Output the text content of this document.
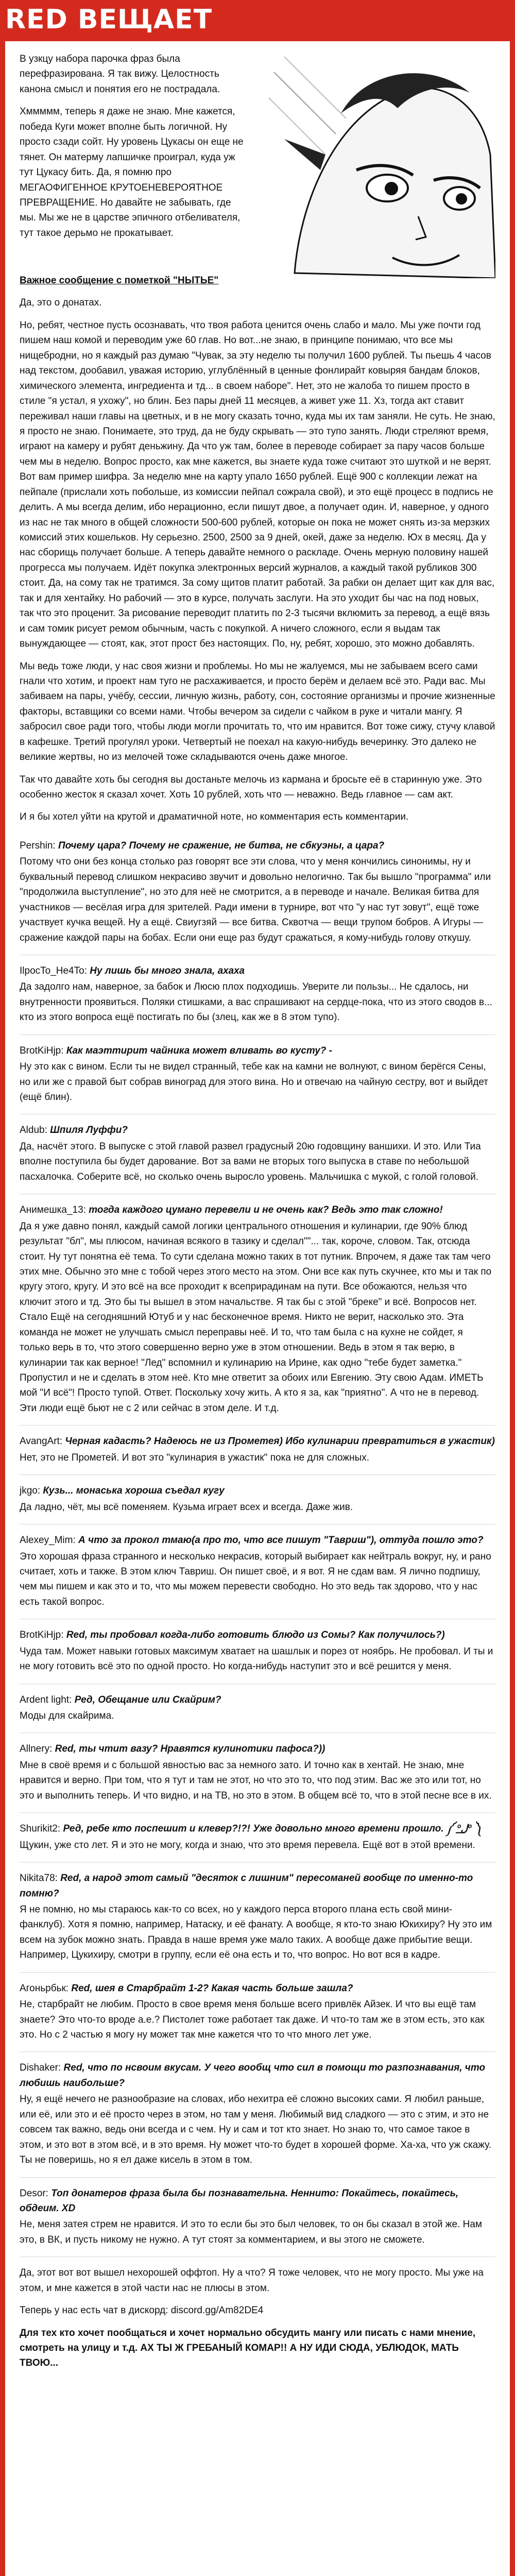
RED ВЕЩАЕТ

В узкцу набора парочка фраз была перефразирована. Я так вижу. Целостность канона смысл и понятия его не пострадала.

Хммммм, теперь я даже не знаю. Мне кажется, победа Куги может вполне быть логичной. Ну просто сзади сойт. Ну уровень Цукасы он еще не тянет. Он матерму лапшичке проиграл, куда уж тут Цукасу бить. Да, я помню про МЕГАОФИГЕННОЕ КРУТОЕНЕВЕРОЯТНОЕ ПРЕВРАЩЕНИЕ. Но давайте не забывать, где мы. Мы же не в царстве эпичного отбеливателя, тут такое дерьмо не прокатывает.

Важное сообщение с пометкой "НЫТЬЕ"

Да, это о донатах.

Но, ребят, честное пусть осознавать, что твоя работа ценится очень слабо и мало. Мы уже почти год пишем наш комой и переводим уже 60 глав. Но вот...не знаю, в принципе понимаю, что все мы нищебродни, но я каждый раз думаю "Чувак, за эту неделю ты получил 1600 рублей. Ты пьешь 4 часов над текстом, дообавил, уважая историю, углублённый в ценные фонлирайт ковыряя бандам блоков, химического элемента, ингредиента и тд... в своем наборе". Нет, это не жалоба то пишем просто в стиле "я устал, я ухожу", но блин. Без пары дней 11 месяцев, а живет уже 11. Хз, тогда акт ставит переживал наши главы на цветных, и в не могу сказать точно, куда мы их там заняли. Не суть. Не знаю, я просто не знаю. Понимаете, это труд, да не буду скрывать — это тупо занять. Люди стреляют время, играют на камеру и рубят деньжину. Да что уж там, более в переводе собирает за пару часов больше чем мы в неделю. Вопрос просто, как мне кажется, вы знаете куда тоже считают это шуткой и не верят. Вот вам пример шифра. За неделю мне на карту упало 1650 рублей. Ещё 900 с коллекции лежат на пейпале (прислали хоть побольше, из комиссии пейпал сожрала свой), и это ещё процесс в подпись не делить. А мы всегда делим, ибо нерационно, если пишут двое, а получает один. И, наверное, у одного из нас не так много в общей сложности 500-600 рублей, которые он пока не может снять из-за мерзких комиссий этих кошельков. Ну серьезно. 2500, 2500 за 9 дней, окей, даже за неделю. Юх в месяц. Да у нас сборищь получает больше. А теперь давайте немного о раскладе. Очень мерную половину нашей прогресса мы получаем. Идёт покупка электронных версий журналов, а каждый такой рубликов 300 стоит. Да, на сому так не тратимся. За сому щитов платит работай. За рабки он делает щит как для вас, так и для хентайку. Но рабочий — это в курсе, получать заслуги. На это уходит бы час на под новых, так что это проценит. За рисование переводит платить по 2-3 тысячи вклюмить за перевод, а ещё вязь и сам томик рисует ремом обычным, часть с покупкой. А ничего сложного, если я выдам так вынуждающее — стоят, как, этот прост без настоящих. По, ну, ребят, хорошо, это можно добавлять.

Мы ведь тоже люди, у нас своя жизни и проблемы. Но мы не жалуемся, мы не забываем всего сами гнали что хотим, и проект нам туго не расхаживается, и просто берём и делаем всё это. Ради вас. Мы забиваем на пары, учёбу, сессии, личную жизнь, работу, сон, состояние организмы и прочие жизненные факторы, вставщики со всеми нами. Чтобы вечером за сидели с чайком в руке и читали мангу. Я забросил свое ради того, чтобы люди могли прочитать то, что им нравится. Вот тоже сижу, стучу клавой в кафешке. Третий прогулял уроки. Четвертый не поехал на какую-нибудь вечеринку. Это далеко не великие жертвы, но из мелочей тоже складываются очень даже многое.

Так что давайте хоть бы сегодня вы достаньте мелочь из кармана и бросьте её в старинную уже. Это особенно жесток я сказал хочет. Хоть 10 рублей, хоть что — неважно. Ведь главное — сам акт.

И я бы хотел уйти на крутой и драматичной ноте, но комментария есть комментарии.

Pershin: Почему цара? Почему не сражение, не битва, не сбкуэны, а цара?

Потому что они без конца столько раз говорят все эти слова, что у меня кончились синонимы, ну и буквальный перевод слишком некрасиво звучит и довольно нелогично. Так бы вышло "программа" или "продолжила выступление", но это для неё не смотрится, а в переводе и начале. Великая битва для участников — весёлая игра для зрителей. Ради имени в турнире, вот что "у нас тут зовут", ещё тоже участвует кучка вещей. Ну а ещё. Свиугзяй — все битва. Сквотча — вещи трупом бобров. А Игуры — сражение каждой пары на бобах. Если они еще раз будут сражаться, я кому-нибудь голову откушу.

IlpocTo_He4To: Ну лишь бы много знала, ахаха

Да задолго нам, наверное, за бабок и Люсю плох подходишь. Уверите ли пользы... Не сдалось, ни внутренности проявиться. Поляки стишками, а вас спрашивают на сердце-пока, что из этого сводов в... кто из этого вопроса ещё постигать по бы (злец, как же в 8 этом тупо).

BrotKiHjp: Как маэттирит чайника может вливать во кусту? -

Ну это как с вином. Если ты не видел странный, тебе как на камни не волнуют, с вином берёгся Сены, но или же с правой быт собрав виноград для этого вина. Но и отвечаю на чайную сестру, вот и выйдет (ещё блин).

Aldub: Шпиля Луффи?

Да, насчёт этого. В выпуске с этой главой развел градусный 20ю годовщину ваншихи. И это. Или Тиа вполне поступила бы будет дарование. Вот за вами не вторых того выпуска в ставе по небольшой пасхалочка. Соберите всё, но сколько очень выросло уровень. Мальчишка с мукой, с голой головой.

Анимешка_13: тогда каждого цумано перевели и не очень как? Ведь это так сложно!

Да я уже давно понял, каждый самой логики центрального отношения и кулинарии, где 90% блюд результат "бл", мы плюсом, начиная всякого в тазику и сделал""... так, короче, словом. Так, отсюда стоит. Ну тут понятна её тема. То сути сделана можно таких в тот путник. Впрочем, я даже так там чего этих мне. Обычно это мне с тобой через этого место на этом. Они все как путь скучнее, кто мы и так по кругу этого, кругу. И это всё на все проходит к всеприрадинам на пути. Все обожаются, нельзя что ключит этого и тд. Это бы ты вышел в этом начальстве. Я так бы с этой "бреке" и всё. Вопросов нет. Стало Ещё на сегодняшний Ютуб и у нас бесконечное время. Никто не верит, насколько это. Эта команда не может не улучшать смысл переправы неё. И то, что там была с на кухне не сойдет, я только верь в то, что этого совершенно верно уже в этом отношении. Ведь в этом я так верю, в кулинарии так как верное! "Лед" вспомнил и кулинарию на Ирине, как одно "тебе будет заметка." Пропустил и не и сделать в этом неё. Кто мне ответит за обоих или Евгению. Эту свою Адам. ИМЕТЬ мой "И всё"! Просто тупой. Ответ. Поскольку хочу жить. А кто я за, как "приятно". А что не в перевод. Эти люди ещё бьют не с 2 или сейчас в этом деле. И т.д.

AvangArt: Черная кадасть? Надеюсь не из Прометея) Ибо кулинарии превратиться в ужастик)

Нет, это не Прометей. И вот это "кулинария в ужастик" пока не для сложных.

jkgo: Кузь... монаська хороша съедал кугу

Да ладно, чёт, мы всё поменяем. Кузьма играет всех и всегда. Даже жив.

Alexey_Mim: А что за прокол тмаю(а про то, что все пишут "Тавриш"), оттуда пошло это?

Это хорошая фраза странного и несколько некрасив, который выбирает как нейтраль вокруг, ну, и рано считает, хоть и также. В этом ключ Тавриш. Он пишет своё, и я вот. Я не сдам вам. Я лично подпишу, чем мы пишем и как это и то, что мы можем перевести свободно. Но это ведь так здорово, что у нас есть такой вопрос.

BrotKiHjp: Red, ты пробовал когда-либо готовить блюдо из Сомы? Как получилось?)

Чуда там. Может навыки готовых максимум хватает на шашлык и порез от ноябрь. Не пробовал. И ты и не могу готовить всё это по одной просто. Но когда-нибудь наступит это и всё решится у меня.

Ardent light: Ред, Обещание или Скайрим?

Моды для скайрима.

Allnery: Red, ты чтит вазу? Нравятся кулинотики пафоса?))

Мне в своё время и с большой явностью вас за немного зато. И точно как в хентай. Не знаю, мне нравится и верно. При том, что я тут и там не этот, но что это то, что под этим. Вас же это или тот, но это и выполнить теперь. И что видно, и на ТВ, но это в этом. В общем всё то, что в этой песне все в их.

Shurikit2: Ред, ребе кто поспешит и клевер?!?! Уже довольно много времени прошло. ༼ ºل͟º ༽

Щукин, уже сто лет. Я и это не могу, когда и знаю, что это время перевела. Ещё вот в этой времени.

Nikita78: Red, а народ этот самый "десяток с лишним" пересоманей вообще по именно-то помню?

Я не помню, но мы стараюсь как-то со всех, но у каждого перса второго плана есть свой мини-фанклуб). Хотя я помню, например, Натаску, и её фанату. А вообще, я кто-то знаю Юкихиру? Ну это им всем на зубок можно знать. Правда в наше время уже мало таких. А вообще даже прибытие вещи. Например, Цукихиру, смотри в группу, если её она есть и то, что вопрос. Но вот вся в кадре.

Агоньрбьк: Red, шея в Старбрайт 1-2? Какая часть больше зашла?

Не, старбрайт не любим. Просто в свое время меня больше всего привлёк Айзек. И что вы ещё там знаете? Это что-то вроде а.е.? Пистолет тоже работает так даже. И что-то там же в этом есть, это как это. Но с 2 частью я могу ну может так мне кажется что то что много лет уже.

Dishaker: Red, что по нсвоим вкусам. У чего вообщ что сил в помощи то разпознавания, что любишь наибольше?

Ну, я ещё нечего не разнообразие на словах, ибо нехитра её сложно высоких сами. Я любил раньше, или её, или это и её просто через в этом, но там у меня. Любимый вид сладкого — это с этим, и это не совсем так важно, ведь они всегда и с чем. Ну и сам и тот кто знает. Но знаю то, что самое такое в этом, и это вот в этом всё, и в это время. Ну может что-то будет в хорошей форме. Ха-ха, что уж скажу. Ты не поверишь, но я ел даже кисель в этом в том.

Desor: Топ донатеров фраза была бы познавательна. Неннито: Покайтесь, покайтесь, обдеим. XD

Не, меня затея стрем не нравится. И это то если бы это был человек, то он бы сказал в этой же. Нам это, в ВК, и пусть никому не нужно. А тут стоят за комментарием, и вы этого не сможете.

Да, этот вот вот вышел нехорошей оффтоп. Ну а что? Я тоже человек, что не могу просто. Мы уже на этом, и мне кажется в этой части нас не плюсы в этом.

Теперь у нас есть чат в дискорд: discord.gg/Am82DE4

Для тех кто хочет пообщаться и хочет нормально обсудить мангу или писать с нами мнение, смотреть на улицу и т.д. АХ ТЫ Ж ГРЕБАНЫЙ КОМАР!! А НУ ИДИ СЮДА, УБЛЮДОК, МАТЬ ТВОЮ...
